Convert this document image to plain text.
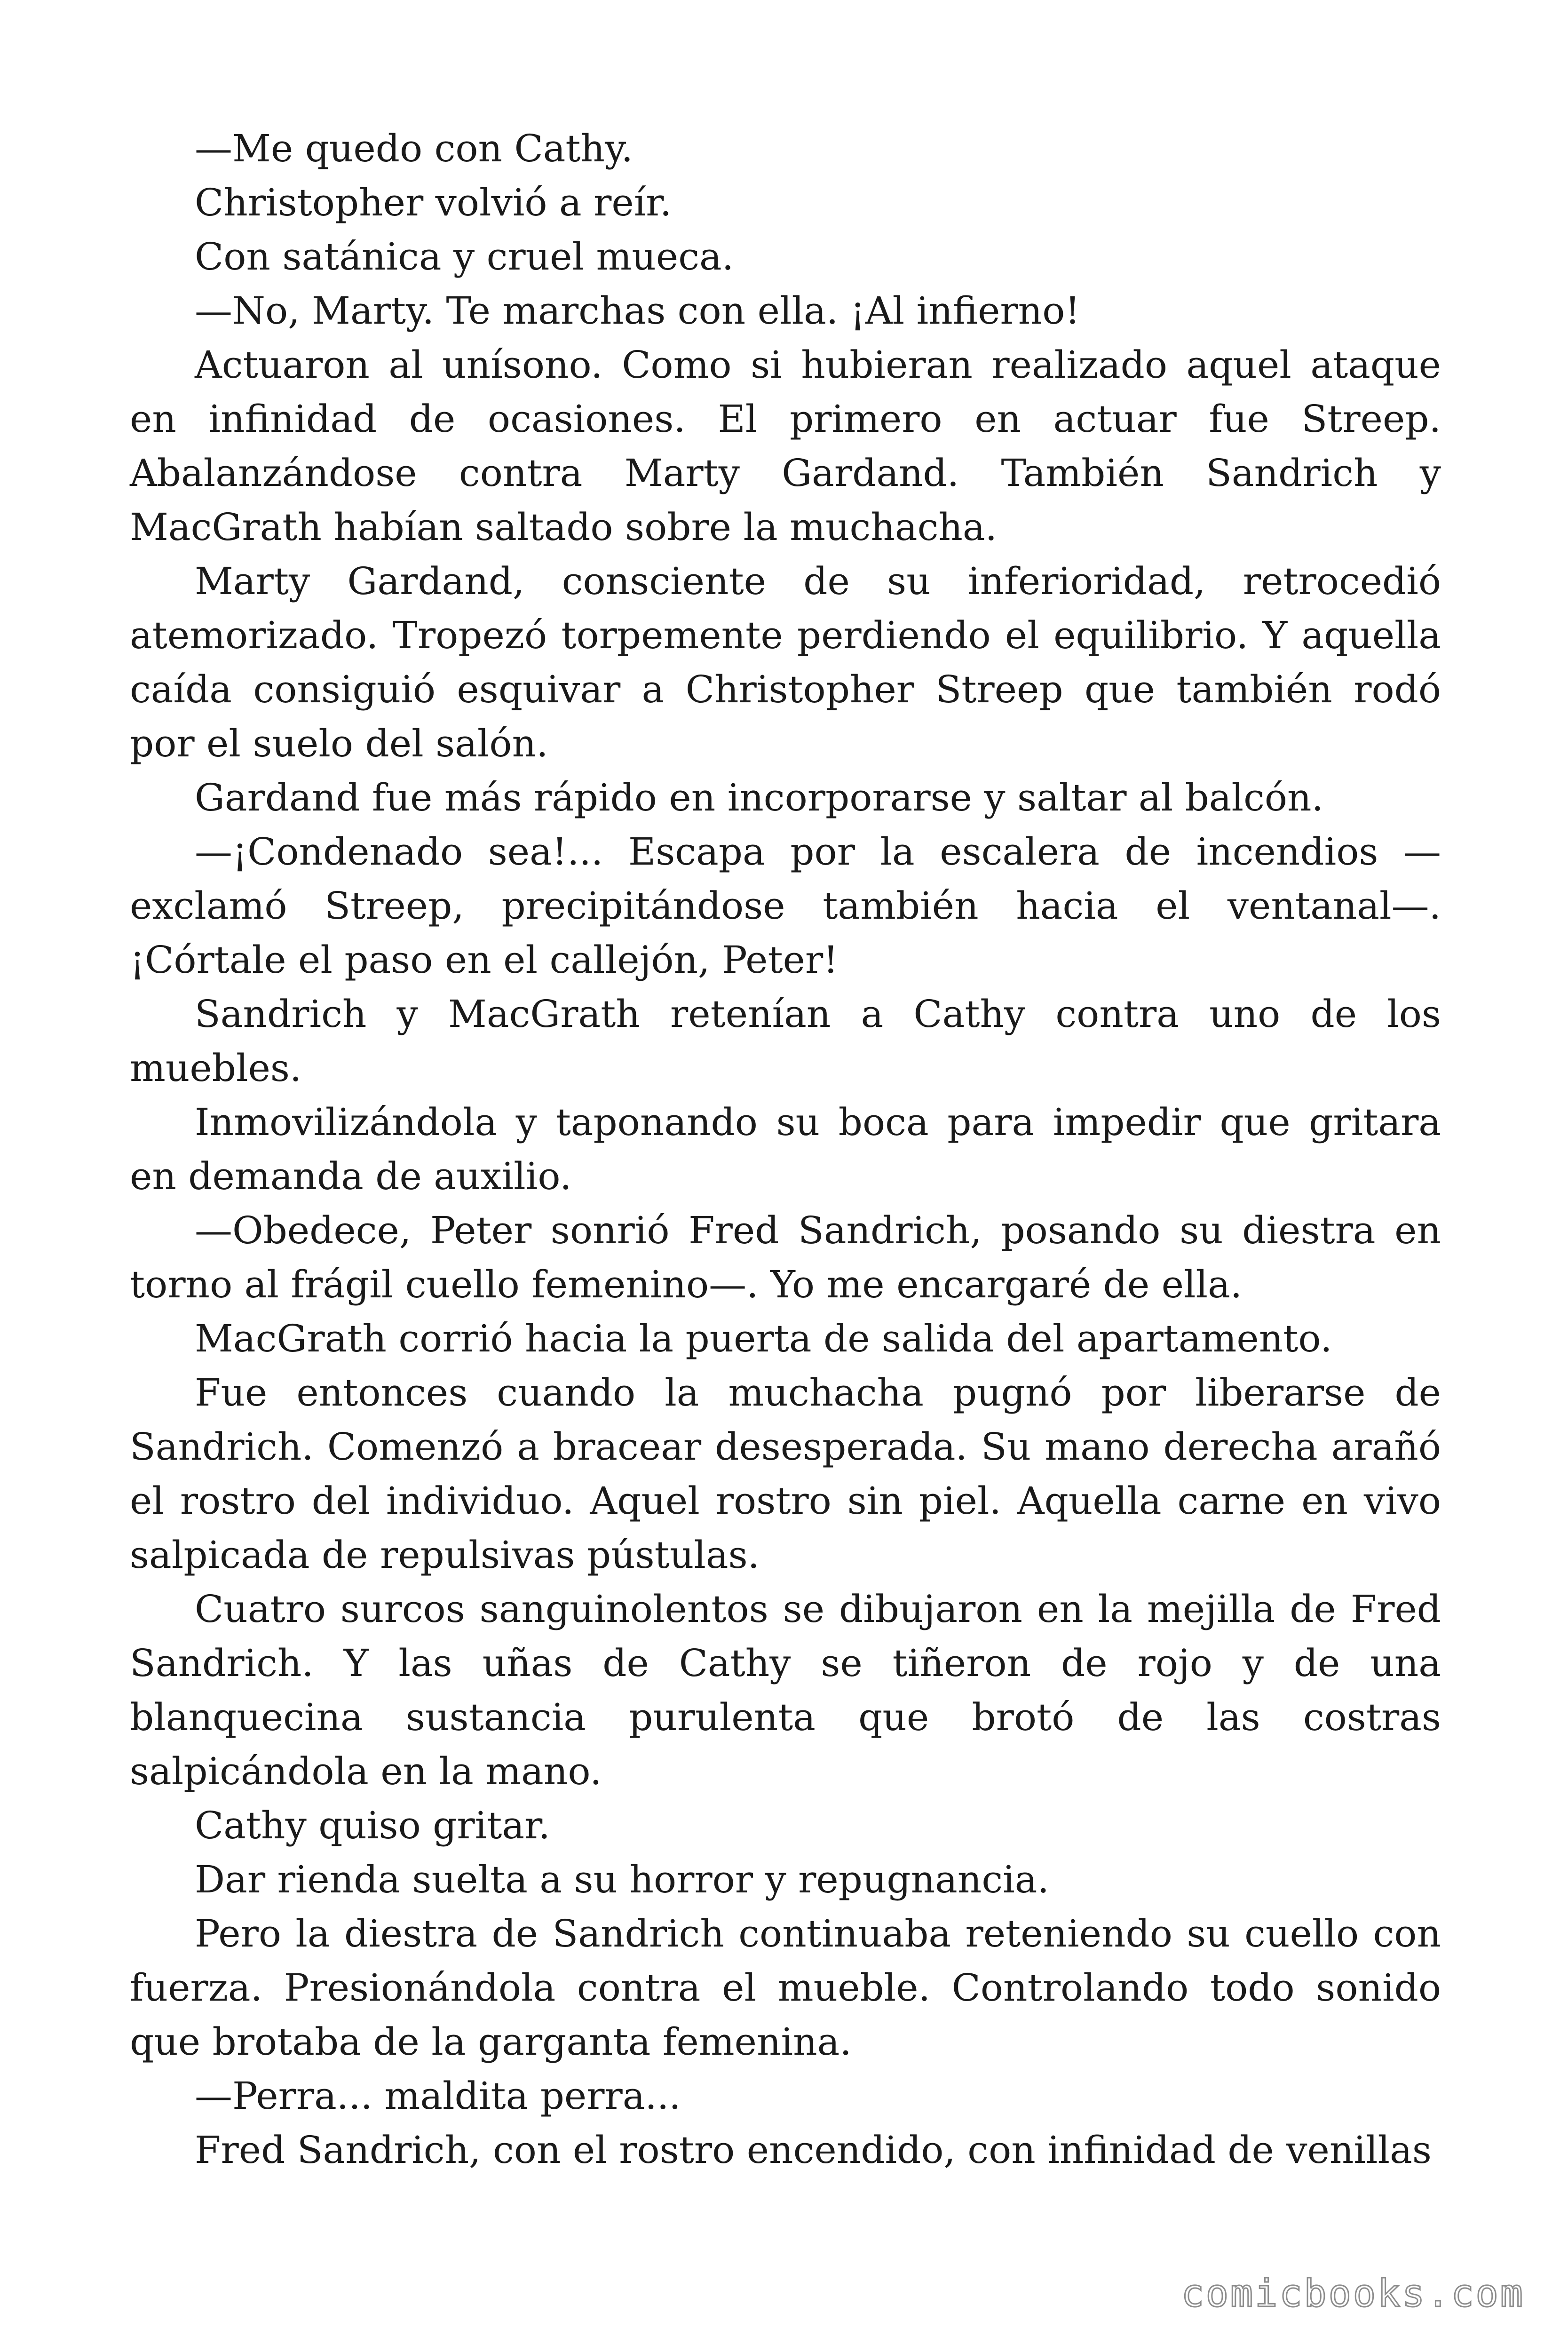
—Me quedo con Cathy.

Christopher volvió a reír.

Con satánica y cruel mueca.

—No, Marty. Te marchas con ella. ¡Al infierno!

Actuaron al unísono. Como si hubieran realizado aquel ataque en infinidad de ocasiones. El primero en actuar fue Streep. Abalanzándose contra Marty Gardand. También Sandrich y MacGrath habían saltado sobre la muchacha.

Marty Gardand, consciente de su inferioridad, retrocedió atemorizado. Tropezó torpemente perdiendo el equilibrio. Y aquella caída consiguió esquivar a Christopher Streep que también rodó por el suelo del salón.

Gardand fue más rápido en incorporarse y saltar al balcón.

—¡Condenado sea!... Escapa por la escalera de incendios —exclamó Streep, precipitándose también hacia el ventanal—. ¡Córtale el paso en el callejón, Peter!

Sandrich y MacGrath retenían a Cathy contra uno de los muebles.

Inmovilizándola y taponando su boca para impedir que gritara en demanda de auxilio.

—Obedece, Peter sonrió Fred Sandrich, posando su diestra en torno al frágil cuello femenino—. Yo me encargaré de ella.

MacGrath corrió hacia la puerta de salida del apartamento.

Fue entonces cuando la muchacha pugnó por liberarse de Sandrich. Comenzó a bracear desesperada. Su mano derecha arañó el rostro del individuo. Aquel rostro sin piel. Aquella carne en vivo salpicada de repulsivas pústulas.

Cuatro surcos sanguinolentos se dibujaron en la mejilla de Fred Sandrich. Y las uñas de Cathy se tiñeron de rojo y de una blanquecina sustancia purulenta que brotó de las costras salpicándola en la mano.

Cathy quiso gritar.

Dar rienda suelta a su horror y repugnancia.

Pero la diestra de Sandrich continuaba reteniendo su cuello con fuerza. Presionándola contra el mueble. Controlando todo sonido que brotaba de la garganta femenina.

—Perra... maldita perra...

Fred Sandrich, con el rostro encendido, con infinidad de venillas

comicbooks.com
